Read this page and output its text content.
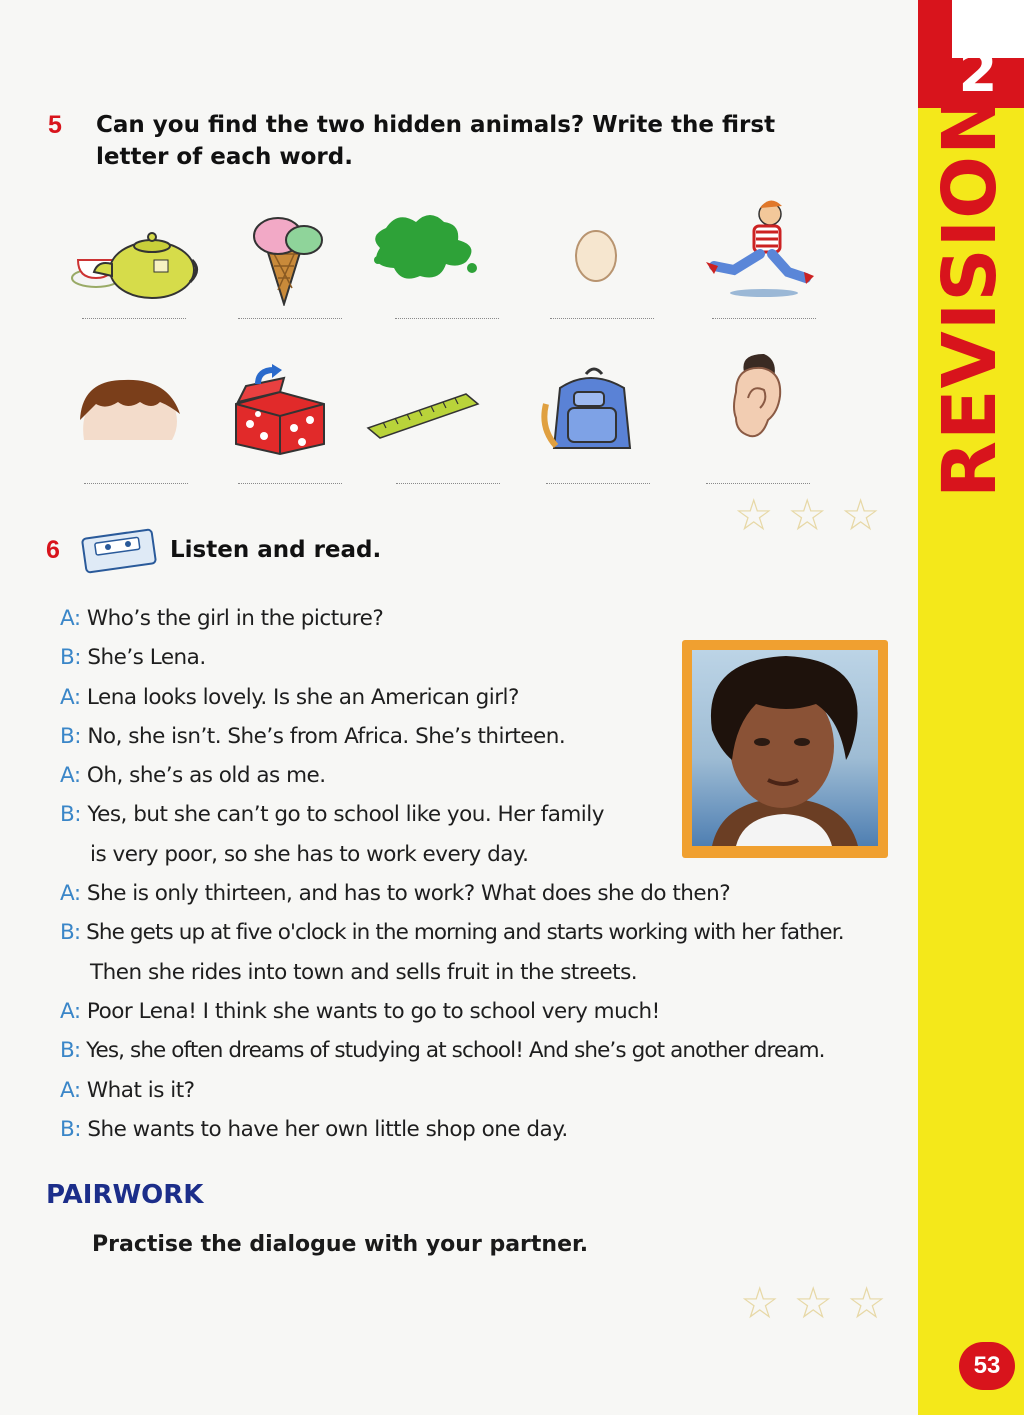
2
REVISION
53
5 Can you find the two hidden animals? Write the first
letter of each word.
☆ ☆ ☆
6	Listen and read.
A: Who’s the girl in the picture?
B: She’s Lena.
A: Lena looks lovely. Is she an American girl?
B: No, she isn’t. She’s from Africa. She’s thirteen.
A: Oh, she’s as old as me.
B: Yes, but she can’t go to school like you. Her family
is very poor, so she has to work every day.
A: She is only thirteen, and has to work? What does she do then?
B: She gets up at five o'clock in the morning and starts working with her father.
Then she rides into town and sells fruit in the streets.
A: Poor Lena! I think she wants to go to school very much!
B: Yes, she often dreams of studying at school! And she’s got another dream.
A: What is it?
B: She wants to have her own little shop one day.
PAIRWORK
Practise the dialogue with your partner.
☆ ☆ ☆
